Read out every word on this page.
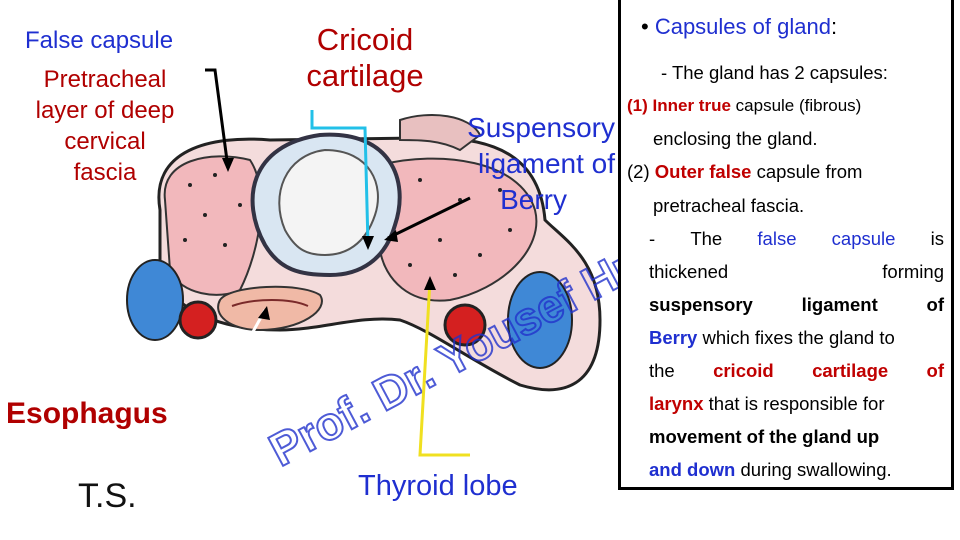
Prof. Dr. Yousef Hussein
False capsule
Pretracheal
layer of deep
cervical
fascia
Cricoid
cartilage
Suspensory
ligament of
Berry
Esophagus
T.S.	Thyroid lobe
• Capsules of gland:
- The gland has 2 capsules:
(1) Inner true capsule (fibrous)
enclosing the gland.
(2) Outer false capsule from
pretracheal fascia.
- The false capsule is
thickened	forming
suspensory	ligament	of
Berry which fixes the gland to
the cricoid cartilage of
larynx that is responsible for
movement of the gland up
and down during swallowing.
